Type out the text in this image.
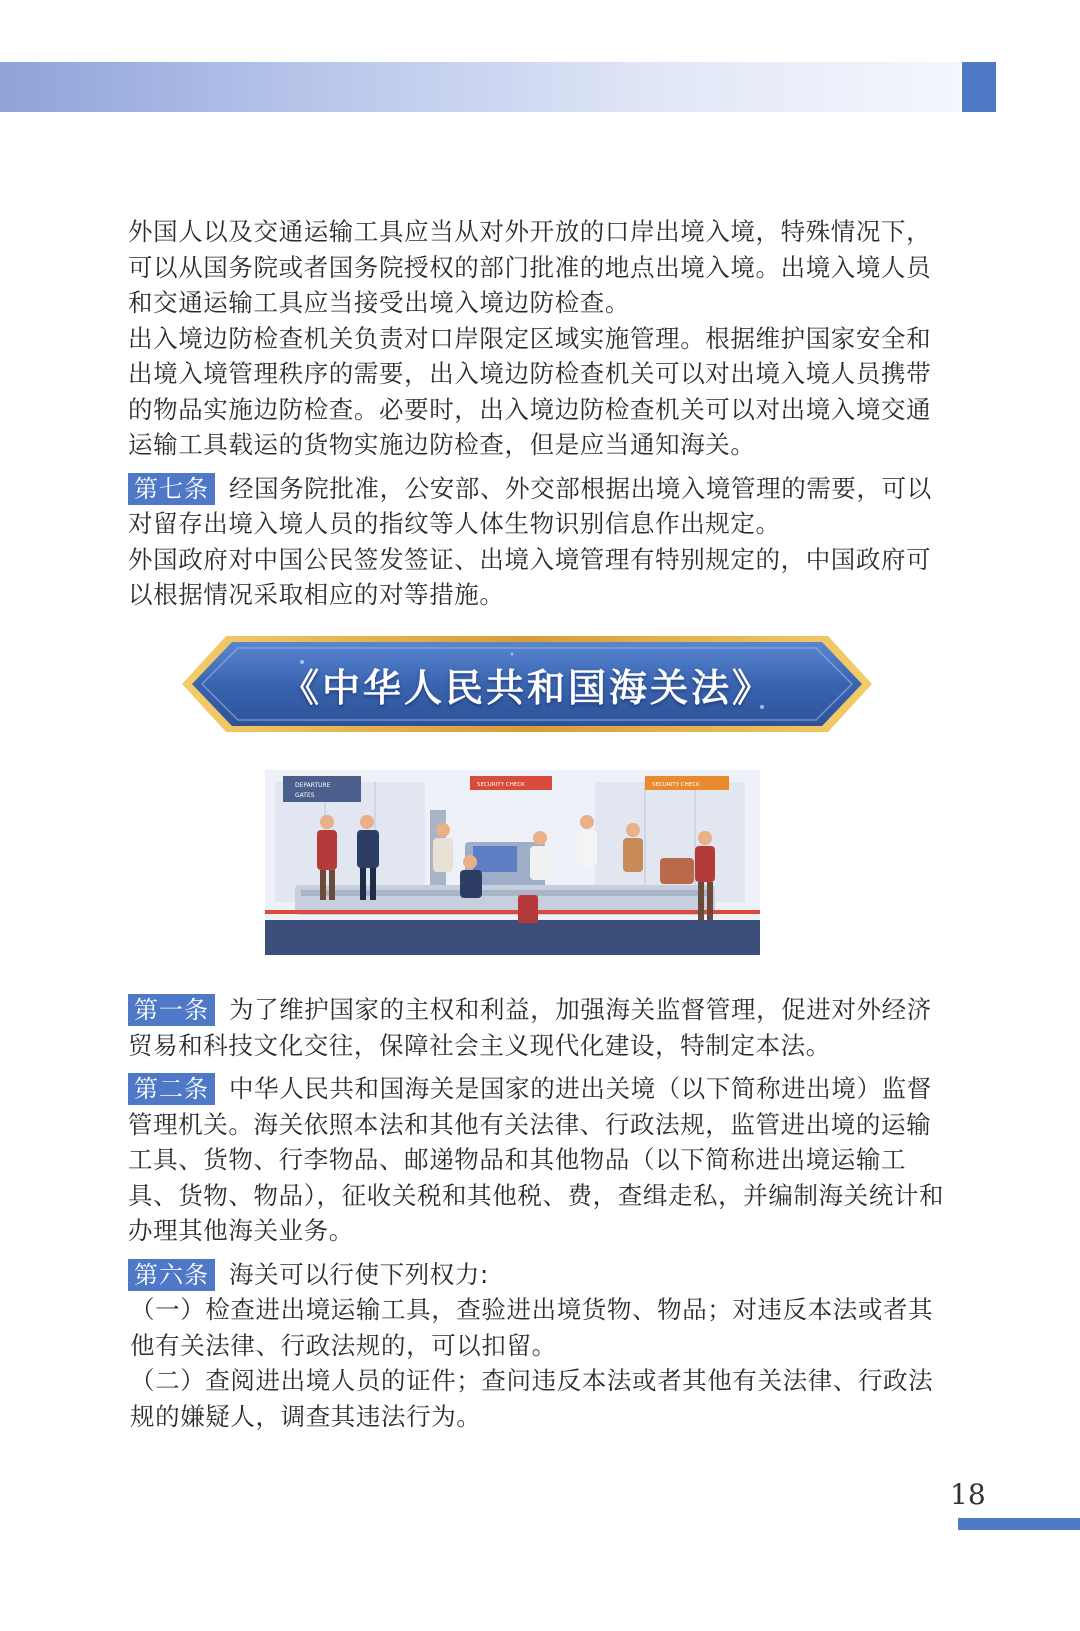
外国人以及交通运输工具应当从对外开放的口岸出境入境，特殊情况下，可以从国务院或者国务院授权的部门批准的地点出境入境。出境入境人员和交通运输工具应当接受出境入境边防检查。

出入境边防检查机关负责对口岸限定区域实施管理。根据维护国家安全和出境入境管理秩序的需要，出入境边防检查机关可以对出境入境人员携带的物品实施边防检查。必要时，出入境边防检查机关可以对出境入境交通运输工具载运的货物实施边防检查，但是应当通知海关。

第七条 经国务院批准，公安部、外交部根据出境入境管理的需要，可以对留存出境入境人员的指纹等人体生物识别信息作出规定。

外国政府对中国公民签发签证、出境入境管理有特别规定的，中国政府可以根据情况采取相应的对等措施。

《中华人民共和国海关法》
DEPARTURE
GATES
SECURITY CHECK	SECURITY CHECK

第一条 为了维护国家的主权和利益，加强海关监督管理，促进对外经济贸易和科技文化交往，保障社会主义现代化建设，特制定本法。

第二条 中华人民共和国海关是国家的进出关境（以下简称进出境）监督管理机关。海关依照本法和其他有关法律、行政法规，监管进出境的运输工具、货物、行李物品、邮递物品和其他物品（以下简称进出境运输工具、货物、物品），征收关税和其他税、费，查缉走私，并编制海关统计和办理其他海关业务。

第六条 海关可以行使下列权力:

（一）检查进出境运输工具，查验进出境货物、物品；对违反本法或者其他有关法律、行政法规的，可以扣留。

（二）查阅进出境人员的证件；查问违反本法或者其他有关法律、行政法规的嫌疑人，调查其违法行为。

18
